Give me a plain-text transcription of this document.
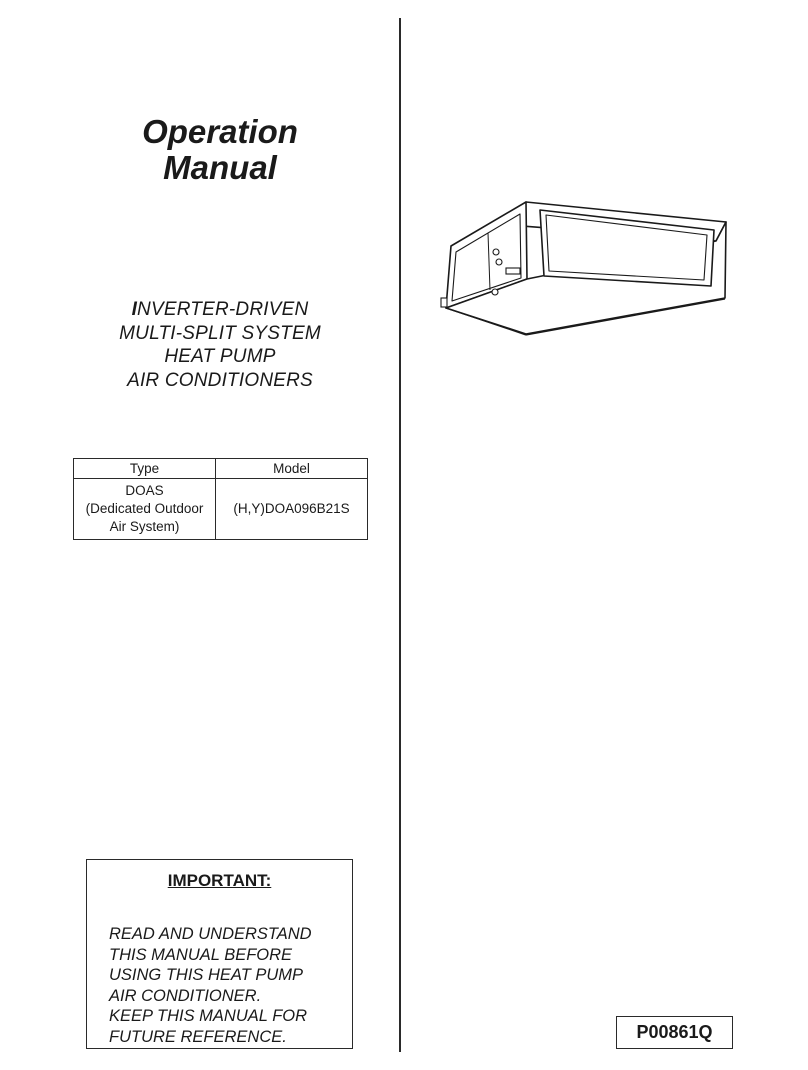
Operation
Manual
INVERTER-DRIVEN
MULTI-SPLIT SYSTEM
HEAT PUMP
AIR CONDITIONERS
Type	Model

DOAS
(Dedicated Outdoor
Air System)	(H,Y)DOA096B21S
IMPORTANT:
READ AND UNDERSTAND
THIS MANUAL BEFORE
USING THIS HEAT PUMP
AIR CONDITIONER.
KEEP THIS MANUAL FOR
FUTURE REFERENCE.	P00861Q
